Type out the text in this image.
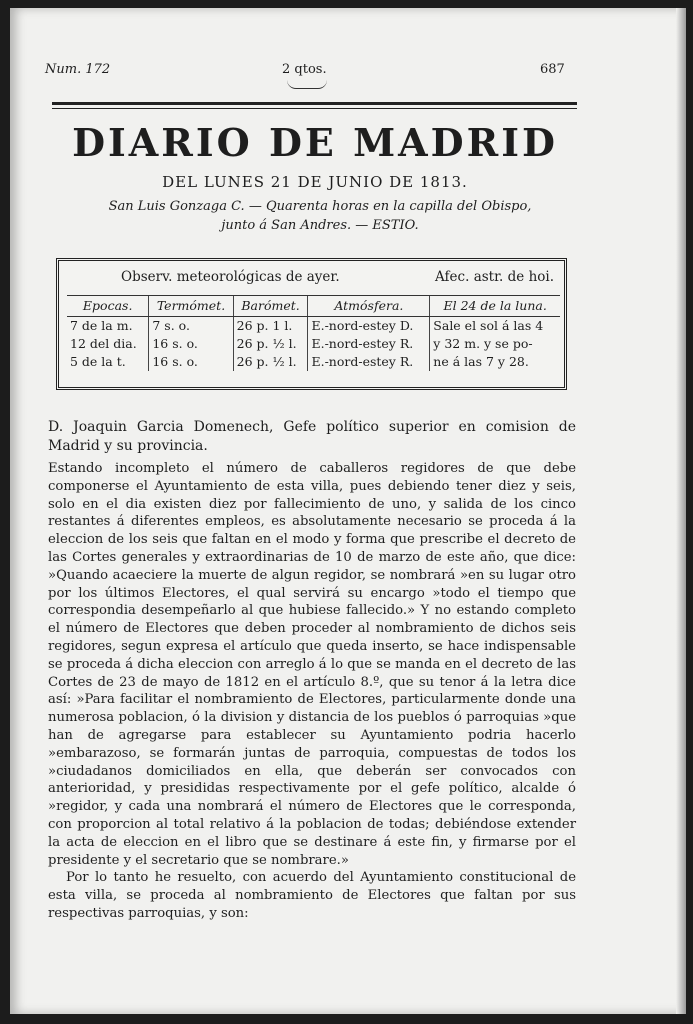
Num. 172	2 qtos.	687
DIARIO DE MADRID
DEL LUNES 21 DE JUNIO DE 1813.
San Luis Gonzaga C. — Quarenta horas en la capilla del Obispo,
junto á San Andres. — ESTIO.
Observ. meteorológicas de ayer.	Afec. astr. de hoi.
Epocas.	Termómet.	Barómet.	Atmósfera.	El 24 de la luna.
7 de la m.	7 s. o.	26 p. 1 l.	E.-nord-estey D.	Sale el sol á las 4
12 del dia.	16 s. o.	26 p. ½ l.	E.-nord-estey R.	y 32 m. y se po-
5 de la t.	16 s. o.	26 p. ½ l.	E.-nord-estey R.	ne á las 7 y 28.
D. Joaquin Garcia Domenech, Gefe político superior en comision de Madrid y su provincia.

Estando incompleto el número de caballeros regidores de que debe componerse el Ayuntamiento de esta villa, pues debiendo tener diez y seis, solo en el dia existen diez por fallecimiento de uno, y salida de los cinco restantes á diferentes empleos, es absolutamente necesario se proceda á la eleccion de los seis que faltan en el modo y forma que prescribe el decreto de las Cortes generales y extraordinarias de 10 de marzo de este año, que dice: »Quando acaeciere la muerte de algun regidor, se nombrará »en su lugar otro por los últimos Electores, el qual servirá su encargo »todo el tiempo que correspondia desempeñarlo al que hubiese fallecido.» Y no estando completo el número de Electores que deben proceder al nombramiento de dichos seis regidores, segun expresa el artículo que queda inserto, se hace indispensable se proceda á dicha eleccion con arreglo á lo que se manda en el decreto de las Cortes de 23 de mayo de 1812 en el artículo 8.º, que su tenor á la letra dice así: »Para facilitar el nombramiento de Electores, particularmente donde una numerosa poblacion, ó la division y distancia de los pueblos ó parroquias »que han de agregarse para establecer su Ayuntamiento podria hacerlo »embarazoso, se formarán juntas de parroquia, compuestas de todos los »ciudadanos domiciliados en ella, que deberán ser convocados con anterioridad, y presididas respectivamente por el gefe político, alcalde ó »regidor, y cada una nombrará el número de Electores que le corresponda, con proporcion al total relativo á la poblacion de todas; debiéndose extender la acta de eleccion en el libro que se destinare á este fin, y firmarse por el presidente y el secretario que se nombrare.»

Por lo tanto he resuelto, con acuerdo del Ayuntamiento constitucional de esta villa, se proceda al nombramiento de Electores que faltan por sus respectivas parroquias, y son:
